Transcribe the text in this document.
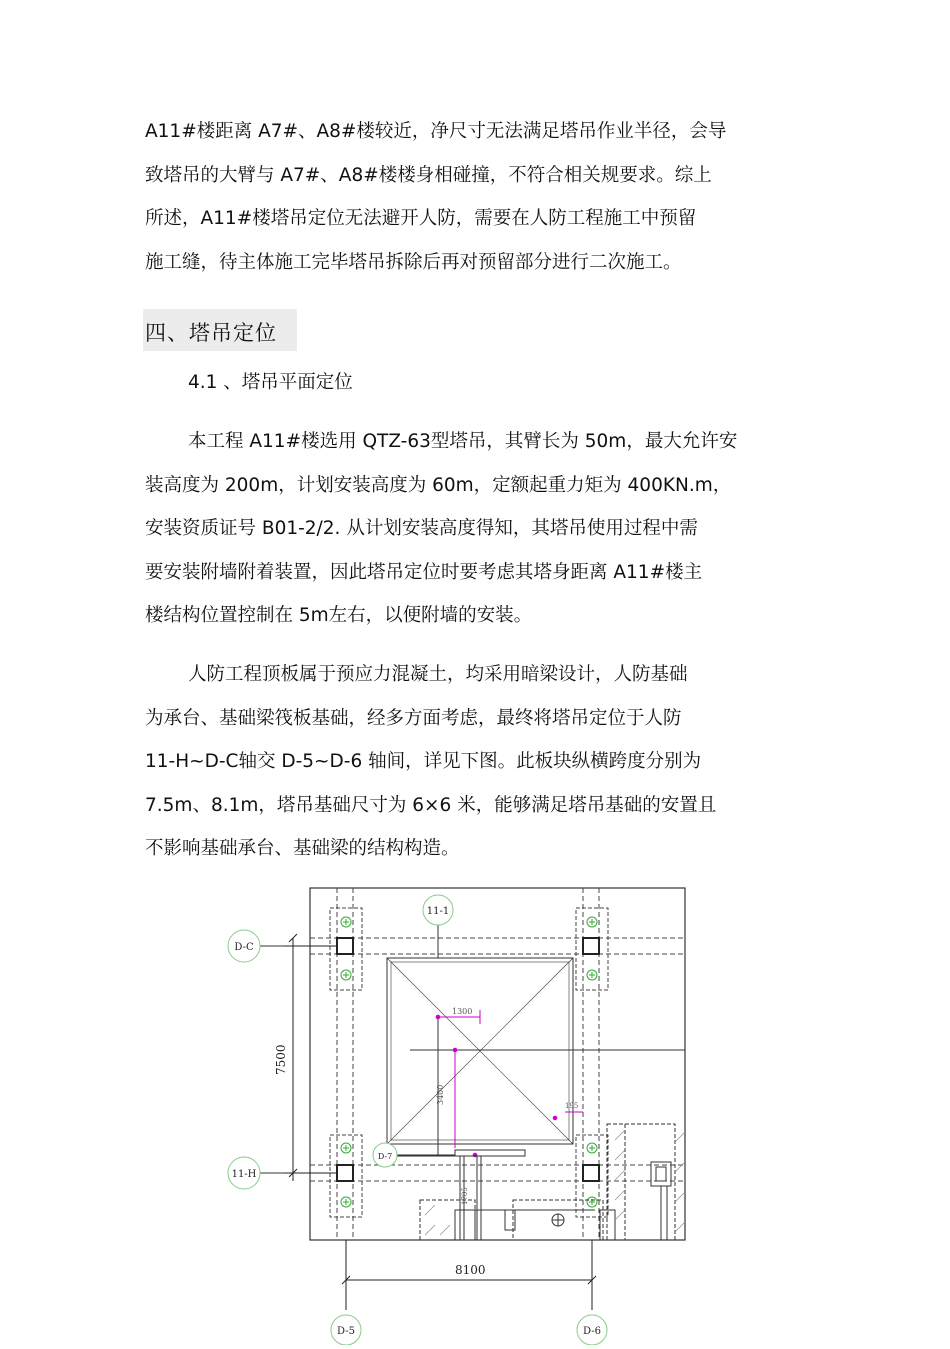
A11#楼距离 A7#、A8#楼较近，净尺寸无法满足塔吊作业半径，会导

致塔吊的大臂与 A7#、A8#楼楼身相碰撞，不符合相关规要求。综上

所述，A11#楼塔吊定位无法避开人防，需要在人防工程施工中预留

施工缝，待主体施工完毕塔吊拆除后再对预留部分进行二次施工。

四、塔吊定位
4.1 、塔吊平面定位

本工程 A11#楼选用 QTZ-63型塔吊，其臂长为 50m，最大允许安

装高度为 200m，计划安装高度为 60m，定额起重力矩为 400KN.m，

安装资质证号 B01-2/2. 从计划安装高度得知，其塔吊使用过程中需

要安装附墙附着装置，因此塔吊定位时要考虑其塔身距离 A11#楼主

楼结构位置控制在 5m左右，以便附墙的安装。

人防工程顶板属于预应力混凝土，均采用暗梁设计，人防基础

为承台、基础梁筏板基础，经多方面考虑，最终将塔吊定位于人防

11-H~D-C轴交 D-5~D-6 轴间，详见下图。此板块纵横跨度分别为

7.5m、8.1m，塔吊基础尺寸为 6×6 米，能够满足塔吊基础的安置且

不影响基础承台、基础梁的结构构造。

1300
3400
195
1705
7500
8100
11-1
D-C
11-H
D-7
D-5	D-6
